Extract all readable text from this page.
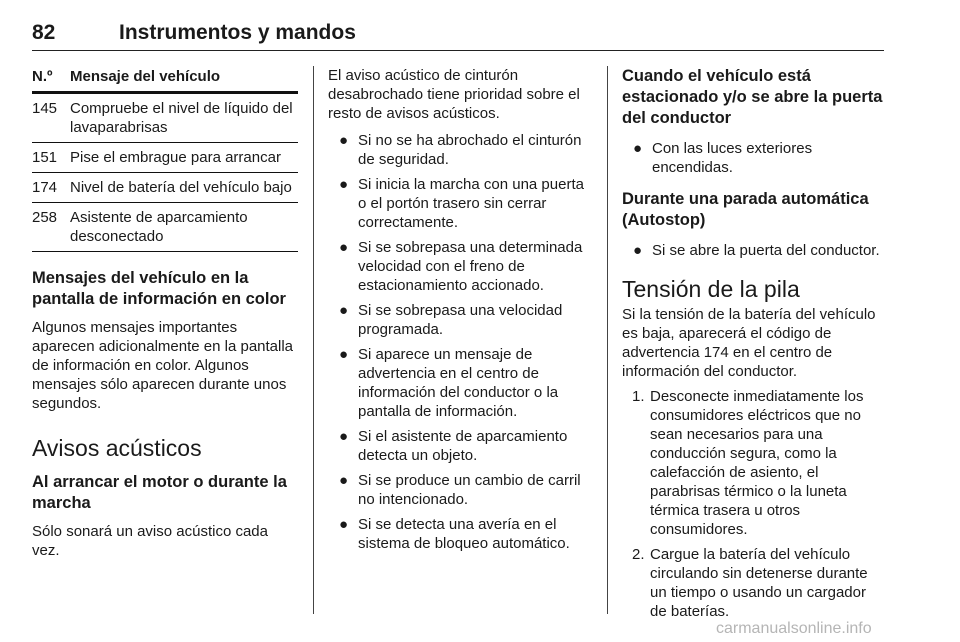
82	Instrumentos y mandos
N.º	Mensaje del vehículo
145	Compruebe el nivel de líquido del lavaparabrisas
151	Pise el embrague para arrancar
174	Nivel de batería del vehículo bajo
258	Asistente de aparcamiento desconectado
Mensajes del vehículo en la pantalla de información en color

Algunos mensajes importantes aparecen adicionalmente en la pantalla de información en color. Algunos mensajes sólo aparecen durante unos segundos.

Avisos acústicos
Al arrancar el motor o durante la marcha

Sólo sonará un aviso acústico cada vez.

El aviso acústico de cinturón desabrochado tiene prioridad sobre el resto de avisos acústicos.

● Si no se ha abrochado el cinturón de seguridad.
● Si inicia la marcha con una puerta o el portón trasero sin cerrar correctamente.
● Si se sobrepasa una determinada velocidad con el freno de estacionamiento accionado.
● Si se sobrepasa una velocidad programada.
● Si aparece un mensaje de advertencia en el centro de información del conductor o la pantalla de información.
● Si el asistente de aparcamiento detecta un objeto.
● Si se produce un cambio de carril no intencionado.
● Si se detecta una avería en el sistema de bloqueo automático.
Cuando el vehículo está estacionado y/o se abre la puerta del conductor
● Con las luces exteriores encendidas.
Durante una parada automática (Autostop)
● Si se abre la puerta del conductor.
Tensión de la pila

Si la tensión de la batería del vehículo es baja, aparecerá el código de advertencia 174 en el centro de información del conductor.

1. Desconecte inmediatamente los consumidores eléctricos que no sean necesarios para una conducción segura, como la calefacción de asiento, el parabrisas térmico o la luneta térmica trasera u otros consumidores.
2. Cargue la batería del vehículo circulando sin detenerse durante un tiempo o usando un cargador de baterías.
carmanualsonline.info
